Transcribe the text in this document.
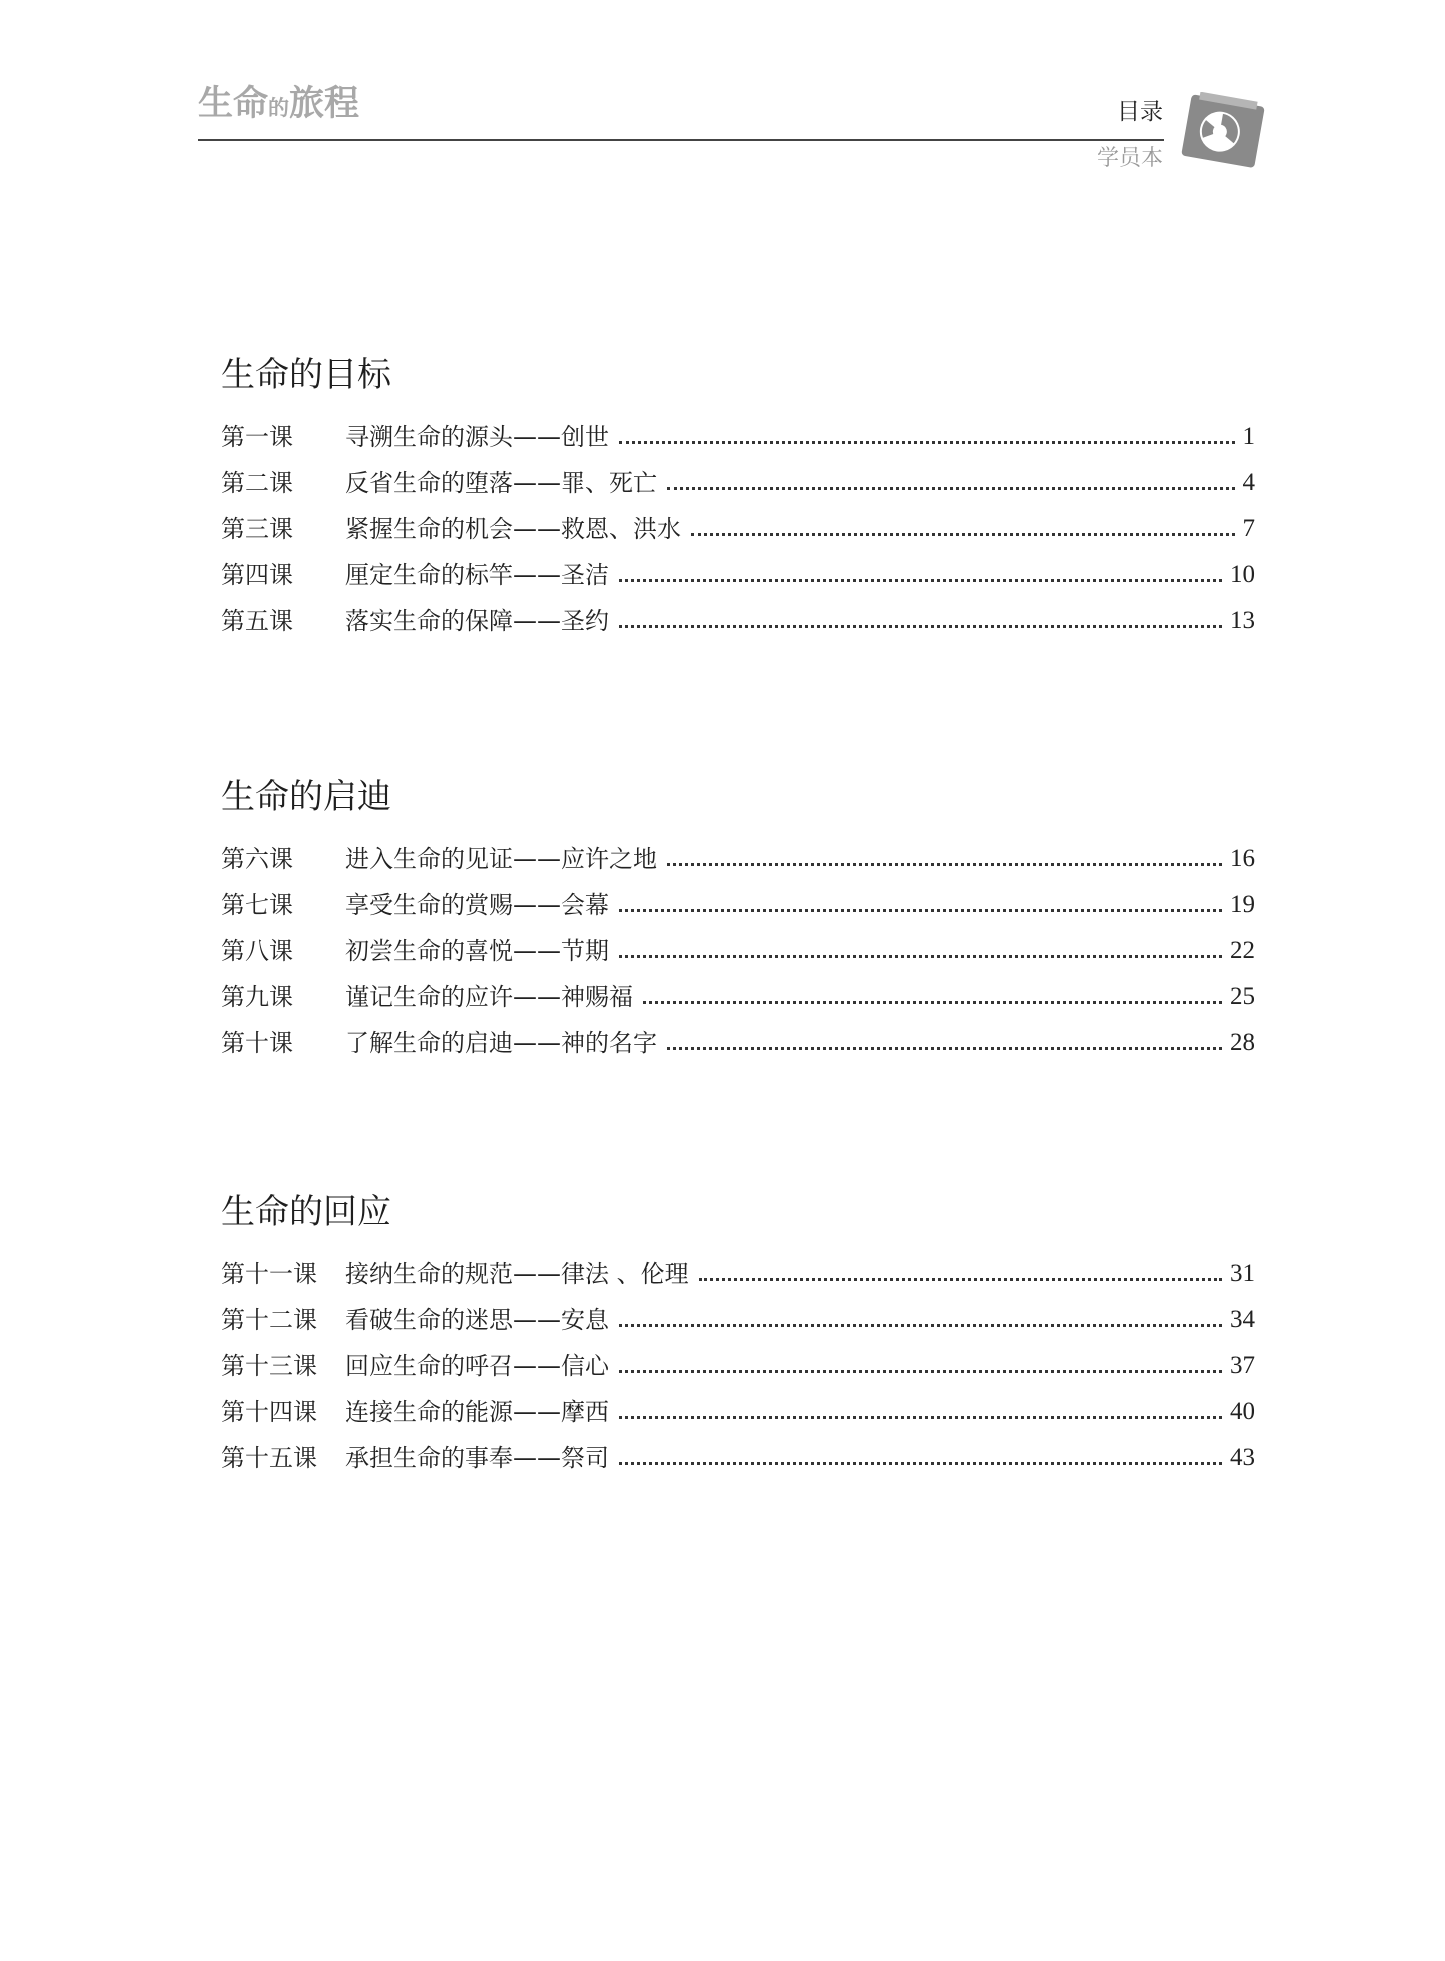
生命的旅程	目录
学员本
生命的目标
第一课	寻溯生命的源头——创世	1
第二课	反省生命的堕落——罪、死亡	4
第三课	紧握生命的机会——救恩、洪水	7
第四课	厘定生命的标竿——圣洁	10
第五课	落实生命的保障——圣约	13
生命的启迪
第六课	进入生命的见证——应许之地	16
第七课	享受生命的赏赐——会幕	19
第八课	初尝生命的喜悦——节期	22
第九课	谨记生命的应许——神赐福	25
第十课	了解生命的启迪——神的名字	28
生命的回应
第十一课	接纳生命的规范——律法 、伦理	31
第十二课	看破生命的迷思——安息	34
第十三课	回应生命的呼召——信心	37
第十四课	连接生命的能源——摩西	40
第十五课	承担生命的事奉——祭司	43
